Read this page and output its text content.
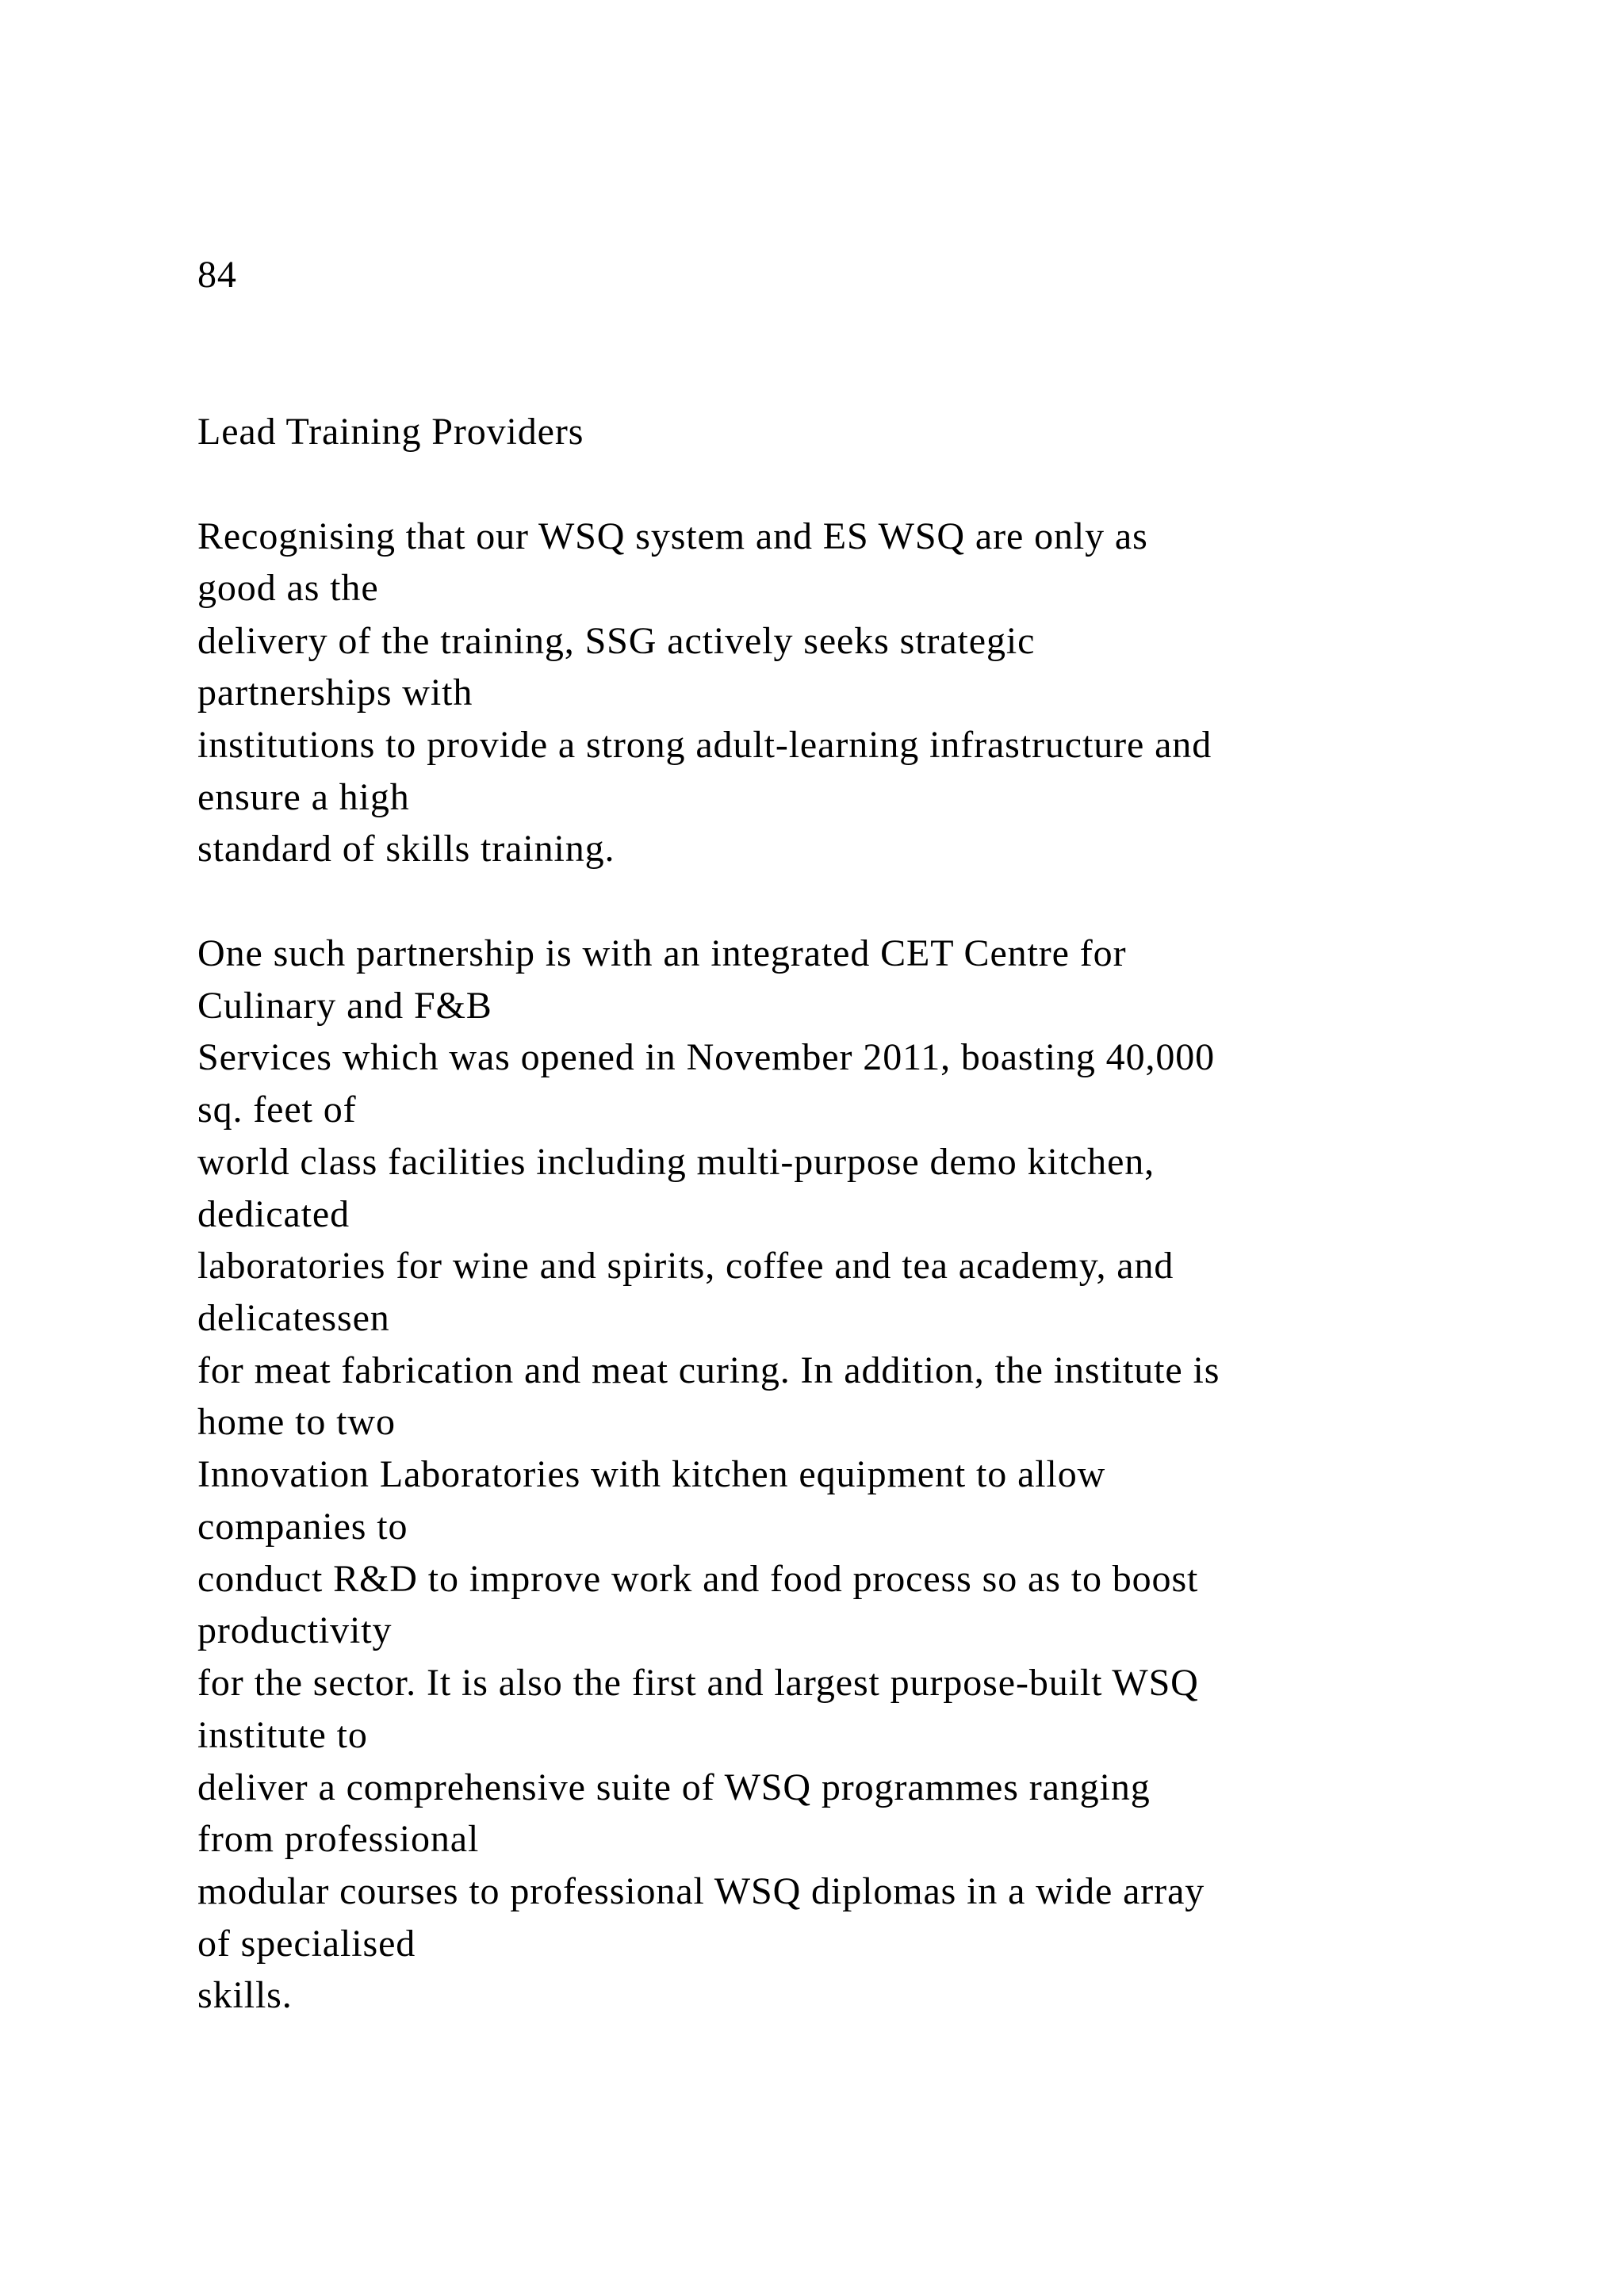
84
Lead Training Providers
Recognising that our WSQ system and ES WSQ are only as
good as the
delivery of the training, SSG actively seeks strategic
partnerships with
institutions to provide a strong adult-learning infrastructure and
ensure a high
standard of skills training.
One such partnership is with an integrated CET Centre for
Culinary and F&B
Services which was opened in November 2011, boasting 40,000
sq. feet of
world class facilities including multi-purpose demo kitchen,
dedicated
laboratories for wine and spirits, coffee and tea academy, and
delicatessen
for meat fabrication and meat curing. In addition, the institute is
home to two
Innovation Laboratories with kitchen equipment to allow
companies to
conduct R&D to improve work and food process so as to boost
productivity
for the sector. It is also the first and largest purpose-built WSQ
institute to
deliver a comprehensive suite of WSQ programmes ranging
from professional
modular courses to professional WSQ diplomas in a wide array
of specialised
skills.
